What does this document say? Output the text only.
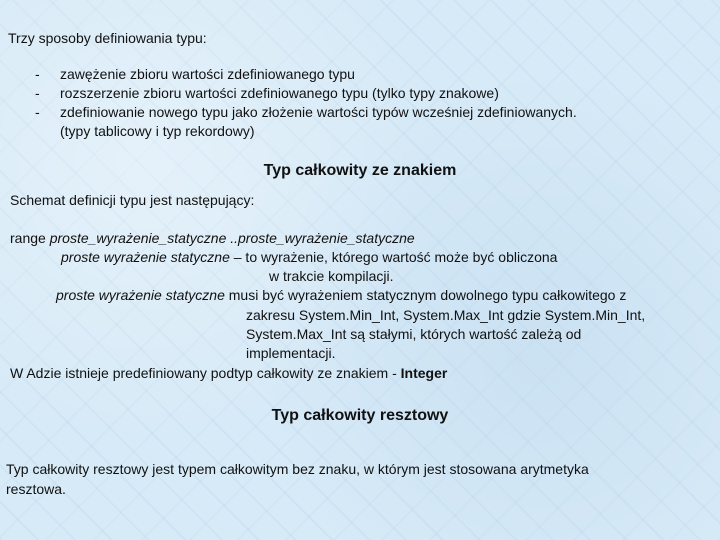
Trzy sposoby definiowania typu:
- zawężenie zbioru wartości zdefiniowanego typu
- rozszerzenie zbioru wartości zdefiniowanego typu (tylko typy znakowe)
- zdefiniowanie nowego typu jako złożenie wartości typów wcześniej zdefiniowanych.
(typy tablicowy i typ rekordowy)
Typ całkowity ze znakiem
Schemat definicji typu jest następujący:
range proste_wyrażenie_statyczne ..proste_wyrażenie_statyczne
proste wyrażenie statyczne – to wyrażenie, którego wartość może być obliczona
w trakcie kompilacji.
proste wyrażenie statyczne musi być wyrażeniem statycznym dowolnego typu całkowitego z
zakresu System.Min_Int, System.Max_Int gdzie System.Min_Int,
System.Max_Int są stałymi, których wartość zależą od
implementacji.
W Adzie istnieje predefiniowany podtyp całkowity ze znakiem - Integer
Typ całkowity resztowy
Typ całkowity resztowy jest typem całkowitym bez znaku, w którym jest stosowana arytmetyka
resztowa.
